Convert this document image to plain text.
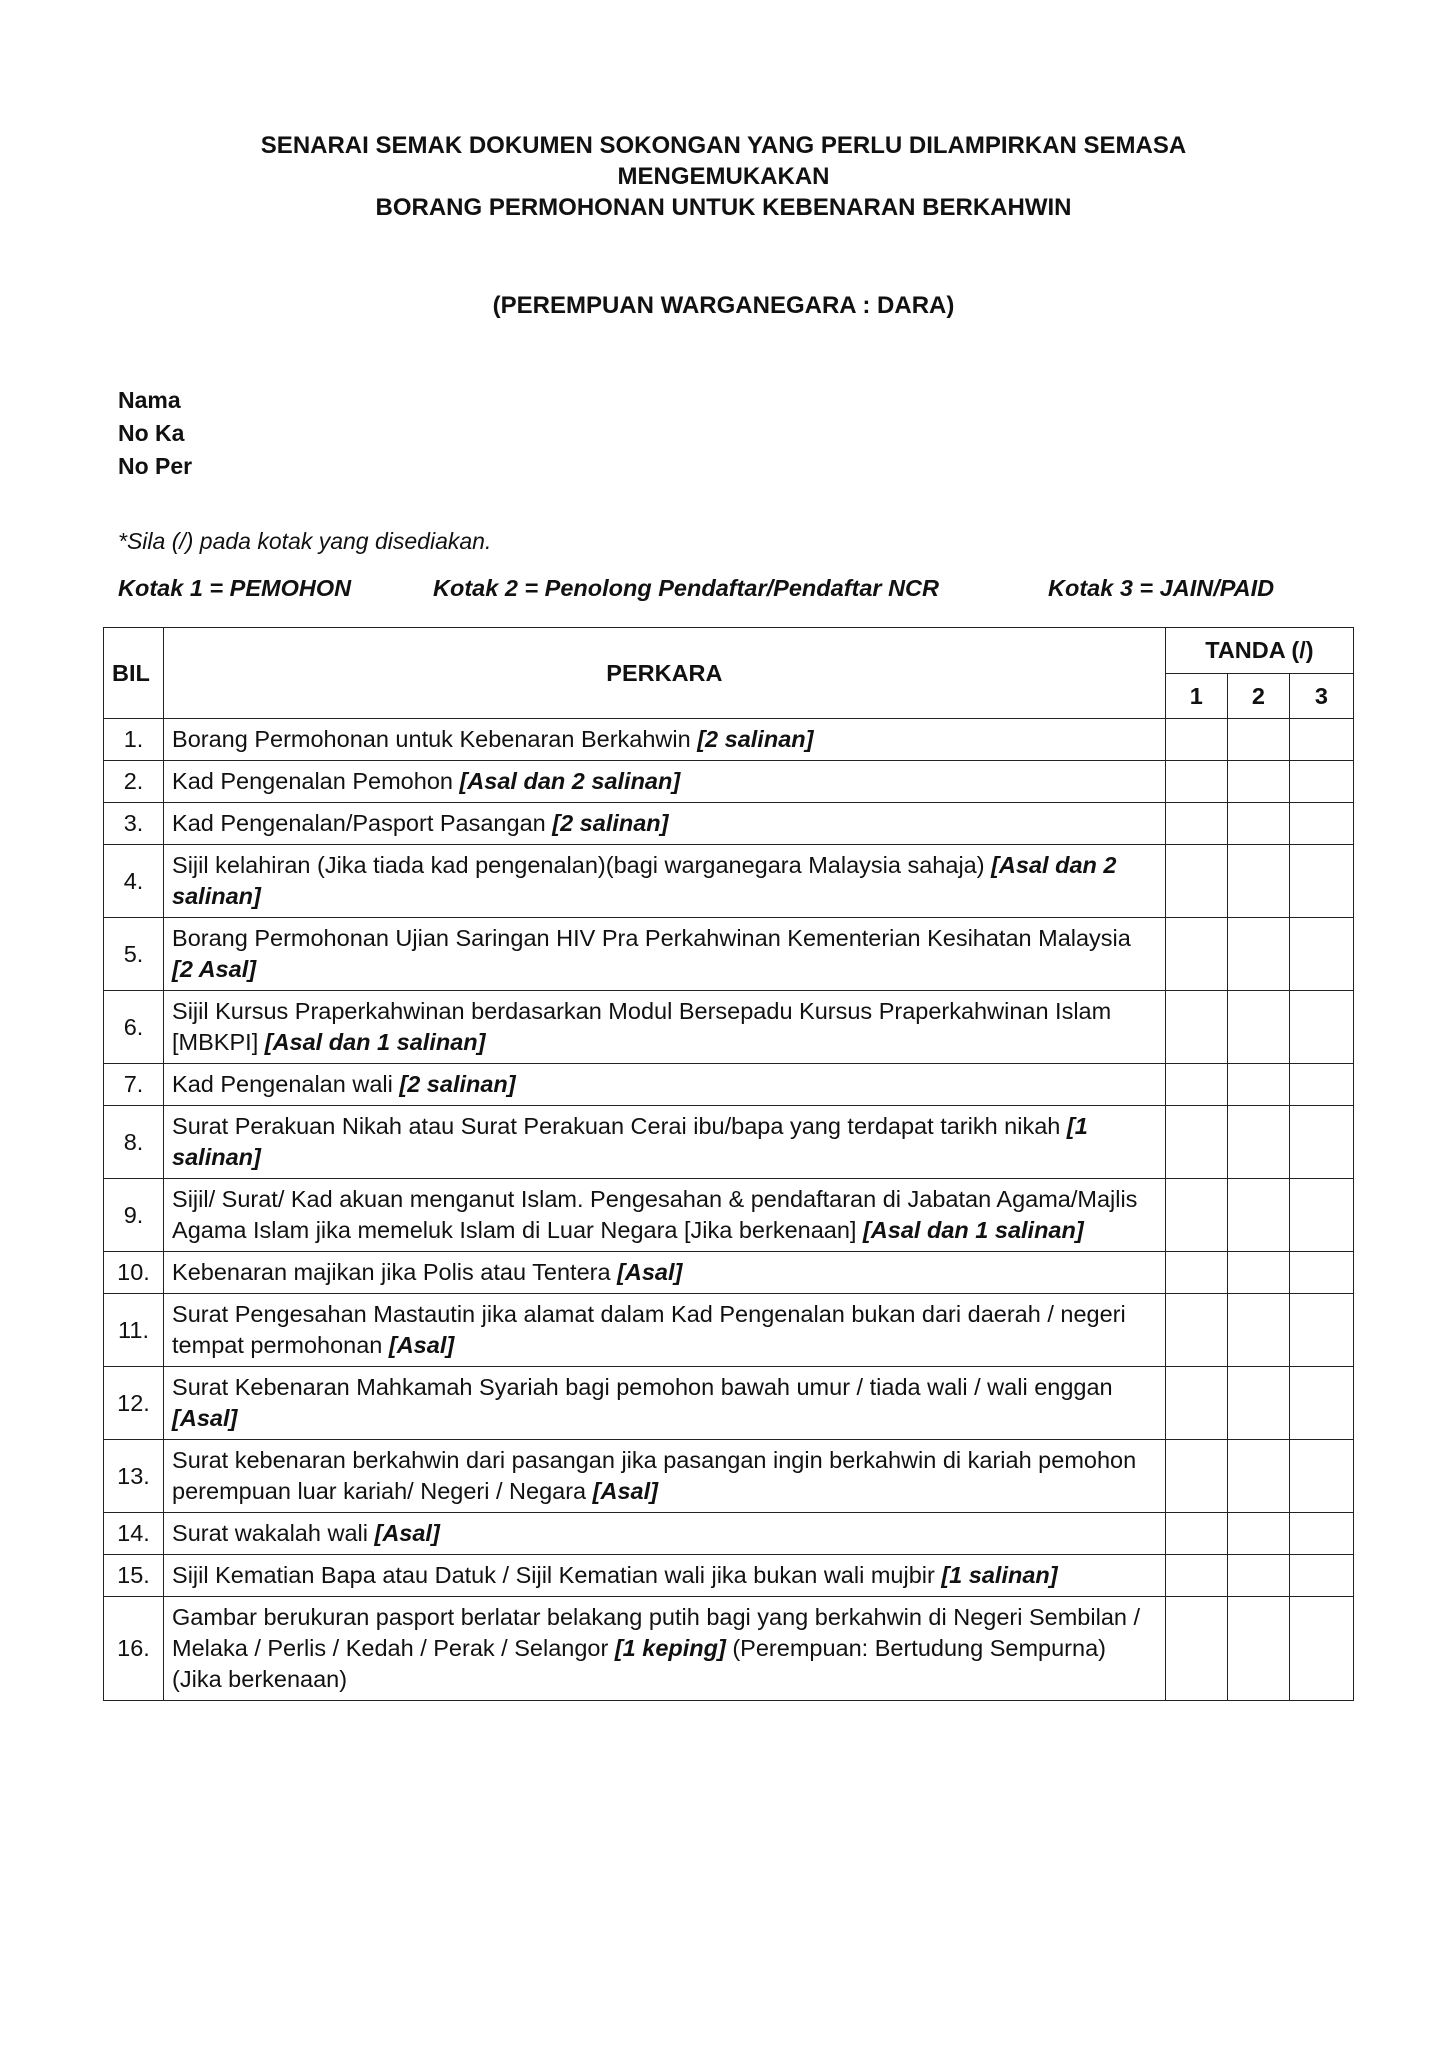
SENARAI SEMAK DOKUMEN SOKONGAN YANG PERLU DILAMPIRKAN SEMASA
MENGEMUKAKAN
BORANG PERMOHONAN UNTUK KEBENARAN BERKAHWIN
(PEREMPUAN WARGANEGARA : DARA)
Nama
No Ka
No Per
*Sila (/) pada kotak yang disediakan.
Kotak 1 = PEMOHON	Kotak 2 = Penolong Pendaftar/Pendaftar NCR	Kotak 3 = JAIN/PAID
BIL	PERKARA	TANDA (/)		
		1	2	3
1.	Borang Permohonan untuk Kebenaran Berkahwin [2 salinan]			
2.	Kad Pengenalan Pemohon [Asal dan 2 salinan]			
3.	Kad Pengenalan/Pasport Pasangan [2 salinan]			
4.	Sijil kelahiran (Jika tiada kad pengenalan)(bagi warganegara Malaysia sahaja) [Asal dan 2 salinan]			
5.	Borang Permohonan Ujian Saringan HIV Pra Perkahwinan Kementerian Kesihatan Malaysia [2 Asal]			
6.	Sijil Kursus Praperkahwinan berdasarkan Modul Bersepadu Kursus Praperkahwinan Islam [MBKPI] [Asal dan 1 salinan]			
7.	Kad Pengenalan wali [2 salinan]			
8.	Surat Perakuan Nikah atau Surat Perakuan Cerai ibu/bapa yang terdapat tarikh nikah [1 salinan]			
9.	Sijil/ Surat/ Kad akuan menganut Islam. Pengesahan & pendaftaran di Jabatan Agama/Majlis Agama Islam jika memeluk Islam di Luar Negara [Jika berkenaan] [Asal dan 1 salinan]			
10.	Kebenaran majikan jika Polis atau Tentera [Asal]			
11.	Surat Pengesahan Mastautin jika alamat dalam Kad Pengenalan bukan dari daerah / negeri tempat permohonan [Asal]			
12.	Surat Kebenaran Mahkamah Syariah bagi pemohon bawah umur / tiada wali / wali enggan [Asal]			
13.	Surat kebenaran berkahwin dari pasangan jika pasangan ingin berkahwin di kariah pemohon perempuan luar kariah/ Negeri / Negara [Asal]			
14.	Surat wakalah wali [Asal]			
15.	Sijil Kematian Bapa atau Datuk / Sijil Kematian wali jika bukan wali mujbir [1 salinan]			
16.	Gambar berukuran pasport berlatar belakang putih bagi yang berkahwin di Negeri Sembilan / Melaka / Perlis / Kedah / Perak / Selangor [1 keping] (Perempuan: Bertudung Sempurna) (Jika berkenaan)			
